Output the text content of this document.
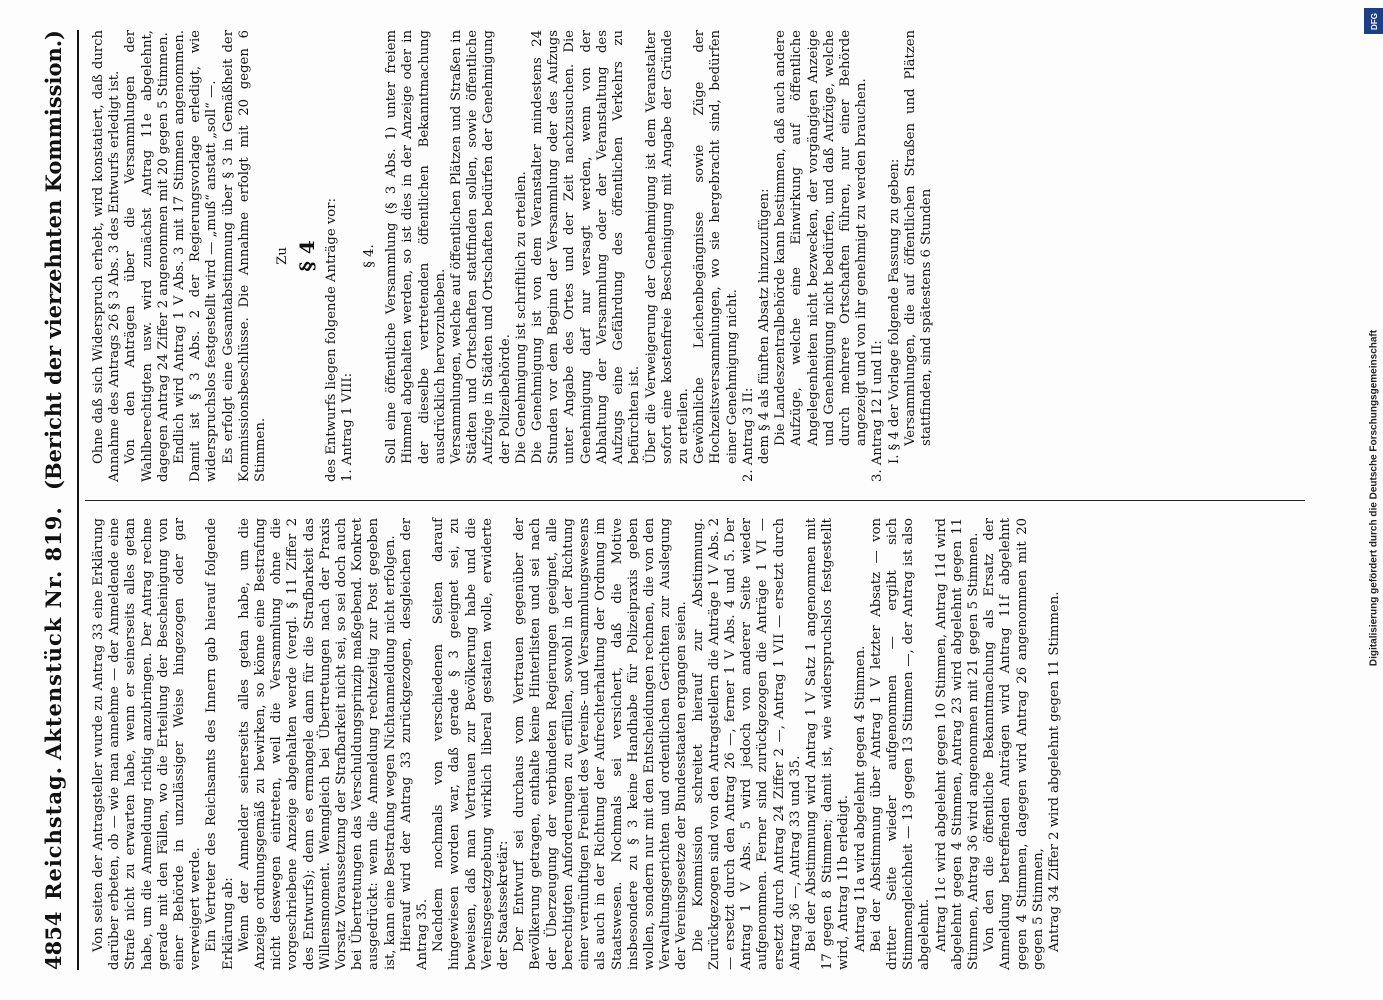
4854
Reichstag.
Aktenstück Nr. 819.
(Bericht der vierzehnten Kommission.)

Von seiten der Antragsteller wurde zu Antrag 33 eine Erklärung darüber erbeten, ob — wie man annehme — der Anmeldende eine Strafe nicht zu erwarten habe, wenn er seinerseits alles getan habe, um die Anmeldung richtig anzubringen. Der Antrag rechne gerade mit den Fällen, wo die Erteilung der Bescheinigung von einer Behörde in unzulässiger Weise hingezogen oder gar verweigert werde. Ein Vertreter des Reichsamts des Innern gab hierauf folgende Erklärung ab: Wenn der Anmelder seinerseits alles getan habe, um die Anzeige ordnungsgemäß zu bewirken, so könne eine Bestrafung nicht deswegen eintreten, weil die Versammlung ohne die vorgeschriebene Anzeige abgehalten werde (vergl. § 11 Ziffer 2 des Entwurfs); denn es ermangele dann für die Strafbarkeit das Willensmoment. Wenngleich bei Übertretungen nach der Praxis Vorsatz Voraussetzung der Strafbarkeit nicht sei, so sei doch auch bei Übertretungen das Verschuldungsprinzip maßgebend. Konkret ausgedrückt: wenn die Anmeldung rechtzeitig zur Post gegeben ist, kann eine Bestrafung wegen Nichtanmeldung nicht erfolgen. Hierauf wird der Antrag 33 zurückgezogen, desgleichen der Antrag 35. Nachdem nochmals von verschiedenen Seiten darauf hingewiesen worden war, daß gerade § 3 geeignet sei, zu beweisen, daß man Vertrauen zur Bevölkerung habe und die Vereinsgesetzgebung wirklich liberal gestalten wolle, erwiderte der Staatssekretär: Der Entwurf sei durchaus vom Vertrauen gegenüber der Bevölkerung getragen, enthalte keine Hinterlisten und sei nach der Überzeugung der verbündeten Regierungen geeignet, alle berechtigten Anforderungen zu erfüllen, sowohl in der Richtung einer vernünftigen Freiheit des Vereins- und Versammlungswesens als auch in der Richtung der Aufrechterhaltung der Ordnung im Staatswesen. Nochmals sei versichert, daß die Motive insbesondere zu § 3 keine Handhabe für Polizeipraxis geben wollen, sondern nur mit den Entscheidungen rechnen, die von den Verwaltungsgerichten und ordentlichen Gerichten zur Auslegung der Vereinsgesetze der Bundesstaaten ergangen seien. Die Kommission schreitet hierauf zur Abstimmung. Zurückgezogen sind von den Antragstellern die Anträge 1 V Abs. 2 — ersetzt durch den Antrag 26 —, ferner 1 V Abs. 4 und 5. Der Antrag 1 V Abs. 5 wird jedoch von anderer Seite wieder aufgenommen. Ferner sind zurückgezogen die Anträge 1 VI — ersetzt durch Antrag 24 Ziffer 2 —, Antrag 1 VII — ersetzt durch Antrag 36 —, Antrag 33 und 35. Bei der Abstimmung wird Antrag 1 V Satz 1 angenommen mit 17 gegen 8 Stimmen; damit ist, wie widerspruchslos festgestellt wird, Antrag 11b erledigt. Antrag 11a wird abgelehnt gegen 4 Stimmen. Bei der Abstimmung über Antrag 1 V letzter Absatz — von dritter Seite wieder aufgenommen — ergibt sich Stimmengleichheit — 13 gegen 13 Stimmen —, der Antrag ist also abgelehnt. Antrag 11c wird abgelehnt gegen 10 Stimmen, Antrag 11d wird abgelehnt gegen 4 Stimmen, Antrag 23 wird abgelehnt gegen 11 Stimmen, Antrag 36 wird angenommen mit 21 gegen 5 Stimmen. Von den die öffentliche Bekanntmachung als Ersatz der Anmeldung betreffenden Anträgen wird Antrag 11f abgelehnt gegen 4 Stimmen, dagegen wird Antrag 26 angenommen mit 20 gegen 5 Stimmen, Antrag 34 Ziffer 2 wird abgelehnt gegen 11 Stimmen.

Ohne daß sich Widerspruch erhebt, wird konstatiert, daß durch Annahme des Antrags 26 § 3 Abs. 3 des Entwurfs erledigt ist. Von den Anträgen über die Versammlungen der Wahlberechtigten usw. wird zunächst Antrag 11e abgelehnt, dagegen Antrag 24 Ziffer 2 angenommen mit 20 gegen 5 Stimmen. Endlich wird Antrag 1 V Abs. 3 mit 17 Stimmen angenommen. Damit ist § 3 Abs. 2 der Regierungsvorlage erledigt, wie widerspruchslos festgestellt wird — „muß“ anstatt „soll“ —. Es erfolgt eine Gesamtabstimmung über § 3 in Gemäßheit der Kommissionsbeschlüsse. Die Annahme erfolgt mit 20 gegen 6 Stimmen.

Zu § 4 des Entwurfs liegen folgende Anträge vor: 1. Antrag 1 VIII:

§ 4. Soll eine öffentliche Versammlung (§ 3 Abs. 1) unter freiem Himmel abgehalten werden, so ist dies in der Anzeige oder in der dieselbe vertretenden öffentlichen Bekanntmachung ausdrücklich hervorzuheben. Versammlungen, welche auf öffentlichen Plätzen und Straßen in Städten und Ortschaften stattfinden sollen, sowie öffentliche Aufzüge in Städten und Ortschaften bedürfen der Genehmigung der Polizeibehörde. Die Genehmigung ist schriftlich zu erteilen. Die Genehmigung ist von dem Veranstalter mindestens 24 Stunden vor dem Beginn der Versammlung oder des Aufzugs unter Angabe des Ortes und der Zeit nachzusuchen. Die Genehmigung darf nur versagt werden, wenn von der Abhaltung der Versammlung oder der Veranstaltung des Aufzugs eine Gefährdung des öffentlichen Verkehrs zu befürchten ist. Über die Verweigerung der Genehmigung ist dem Veranstalter sofort eine kostenfreie Bescheinigung mit Angabe der Gründe zu erteilen. Gewöhnliche Leichenbegängnisse sowie Züge der Hochzeitsversammlungen, wo sie hergebracht sind, bedürfen einer Genehmigung nicht. 2. Antrag 3 II: dem § 4 als fünften Absatz hinzuzufügen: Die Landeszentralbehörde kann bestimmen, daß auch andere Aufzüge, welche eine Einwirkung auf öffentliche Angelegenheiten nicht bezwecken, der vorgängigen Anzeige und Genehmigung nicht bedürfen, und daß Aufzüge, welche durch mehrere Ortschaften führen, nur einer Behörde angezeigt und von ihr genehmigt zu werden brauchen. 3. Antrag 12 I und II: I. § 4 der Vorlage folgende Fassung zu geben: Versammlungen, die auf öffentlichen Straßen und Plätzen stattfinden, sind spätestens 6 Stunden

Digitalisierung gefördert durch die Deutsche Forschungsgemeinschaft
DFG
